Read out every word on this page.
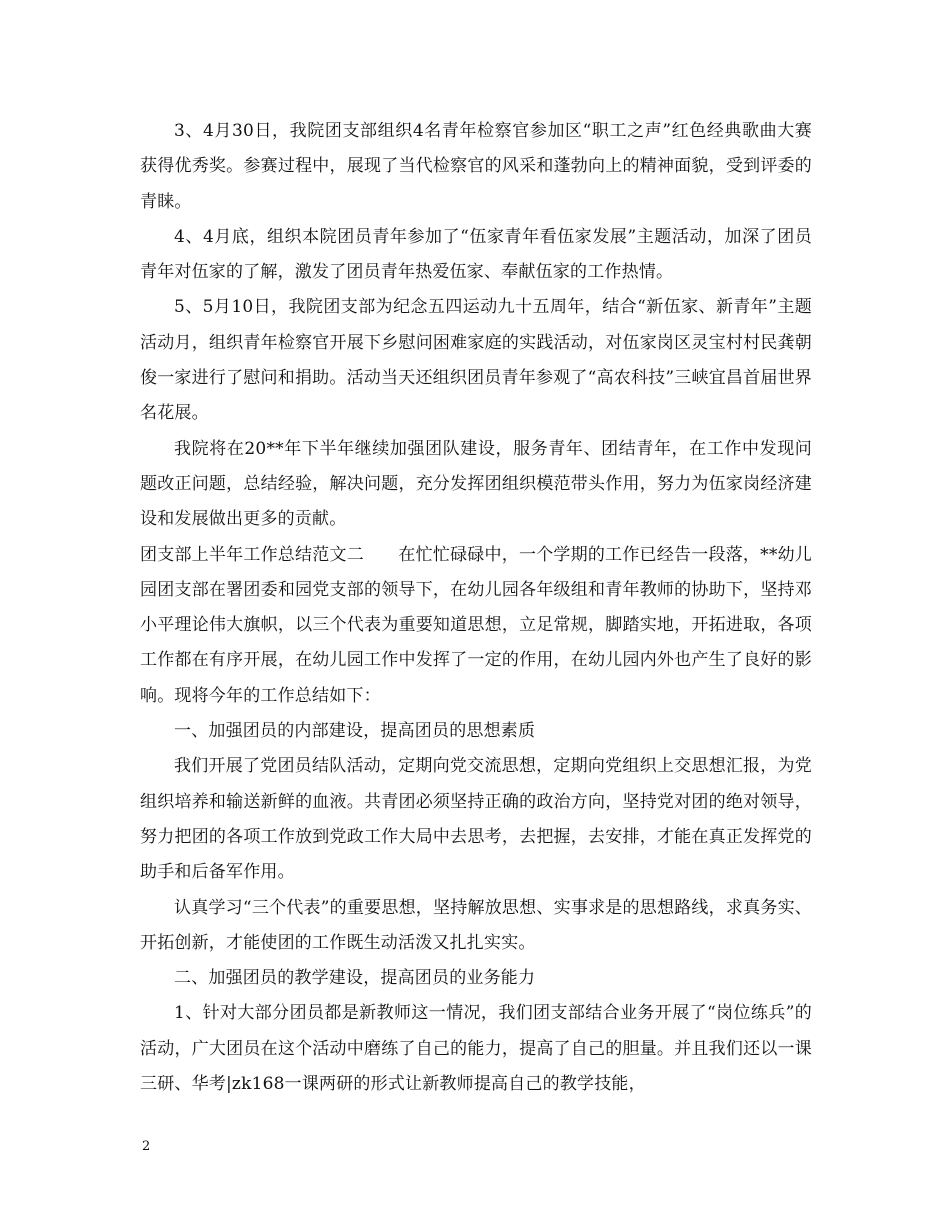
3、4月30日，我院团支部组织4名青年检察官参加区“职工之声”红色经典歌曲大赛获得优秀奖。参赛过程中，展现了当代检察官的风采和蓬勃向上的精神面貌，受到评委的青睐。

4、4月底，组织本院团员青年参加了“伍家青年看伍家发展”主题活动，加深了团员青年对伍家的了解，激发了团员青年热爱伍家、奉献伍家的工作热情。

5、5月10日，我院团支部为纪念五四运动九十五周年，结合“新伍家、新青年”主题活动月，组织青年检察官开展下乡慰问困难家庭的实践活动，对伍家岗区灵宝村村民龚朝俊一家进行了慰问和捐助。活动当天还组织团员青年参观了“高农科技”三峡宜昌首届世界名花展。

我院将在20**年下半年继续加强团队建设，服务青年、团结青年，在工作中发现问题改正问题，总结经验，解决问题，充分发挥团组织模范带头作用，努力为伍家岗经济建设和发展做出更多的贡献。

团支部上半年工作总结范文二　　在忙忙碌碌中，一个学期的工作已经告一段落，**幼儿园团支部在署团委和园党支部的领导下，在幼儿园各年级组和青年教师的协助下，坚持邓小平理论伟大旗帜，以三个代表为重要知道思想，立足常规，脚踏实地，开拓进取，各项工作都在有序开展，在幼儿园工作中发挥了一定的作用，在幼儿园内外也产生了良好的影响。现将今年的工作总结如下：

一、加强团员的内部建设，提高团员的思想素质

我们开展了党团员结队活动，定期向党交流思想，定期向党组织上交思想汇报，为党组织培养和输送新鲜的血液。共青团必须坚持正确的政治方向，坚持党对团的绝对领导，努力把团的各项工作放到党政工作大局中去思考，去把握，去安排，才能在真正发挥党的助手和后备军作用。

认真学习“三个代表”的重要思想，坚持解放思想、实事求是的思想路线，求真务实、开拓创新，才能使团的工作既生动活泼又扎扎实实。

二、加强团员的教学建设，提高团员的业务能力

1、针对大部分团员都是新教师这一情况，我们团支部结合业务开展了“岗位练兵”的活动，广大团员在这个活动中磨练了自己的能力，提高了自己的胆量。并且我们还以一课三研、华考|zk168一课两研的形式让新教师提高自己的教学技能，

2
